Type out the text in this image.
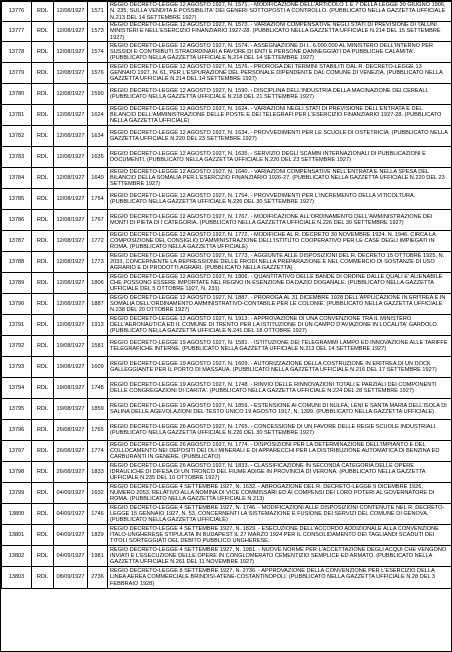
13776	RDL	12/08/1927	1571	REGIO DECRETO-LEGGE 12 AGOSTO 1927, N. 1571. - MODIFICAZIONE DELL'ARTICOLO 1 E 7 DELLA LEGGE 30 GIUGNO 1906, N. 235, SULLA VENDITA E POSSIBILITA' DEI GENERI SOTTOPOSTI A CONTROLLO. (PUBBLICATO NELLA GAZZETTA UFFICIALE N.213 DEL 14 SETTEMBRE 1927)
13777	RDL	12/08/1927	1573	REGIO DECRETO-LEGGE 12 AGOSTO 1927, N. 1573. - VARIAZIONI COMPENSATIVE NEGLI STATI DI PREVISIONE DI TALUNI MINISTERI E NELL'ESERCIZIO FINANZIARIO 1927-28. (PUBBLICATO NELLA GAZZETTA UFFICIALE N.214 DEL 15 SETTEMBRE 1927)
13778	RDL	12/08/1927	1574	REGIO DECRETO-LEGGE 12 AGOSTO 1927, N. 1574. - ASSEGNAZIONE DI L. 6.000.000 AL MINISTERO DELL'INTERNO PER SUSSIDI E CONTRIBUTI STRAORDINARI A FAVORE DI ENTI E PERSONE DANNEGGIATI DA PUBBLICHE CALAMITA'. (PUBBLICATO NELLA GAZZETTA UFFICIALE N.214 DEL 14 SETTEMBRE 1927)
13779	RDL	12/08/1927	1576	REGIO DECRETO-LEGGE 12 AGOSTO 1927, N. 1576. - PROROGA DEI TERMINI STABILITI DAL R. DECRETO-LEGGE 13 GENNAIO 1927, N. 61, PER L'ESPURAZIONE DEL PERSONALE DIPENDENTE DAL COMUNE DI VENEZIA. (PUBBLICATO NELLA GAZZETTA UFFICIALE N.214 DEL 14 SETTEMBRE 1927)
13780	RDL	12/08/1927	1590	REGIO DECRETO-LEGGE 12 AGOSTO 1927, N. 1590. - DISCIPLINA DELL'INDUSTRIA DELLA MACINAZIONE DEI CEREALI. (PUBBLICATO NELLA GAZZETTA UFFICIALE N.218 DEL 21 SETTEMBRE 1927)
13781	RDL	12/08/1927	1624	REGIO DECRETO-LEGGE 12 AGOSTO 1927, N. 1624. - VARIAZIONI NEGLI STATI DI PREVISIONE DELL'ENTRATA E DEL BILANCIO DELL'AMMINISTRAZIONE DELLE POSTE E DEI TELEGRAFI PER L'ESERCIZIO FINANZIARIO 1927-28. (PUBBLICATO NELLA GAZZETTA UFFICIALE)
13782	RDL	12/08/1927	1634	REGIO DECRETO-LEGGE 12 AGOSTO 1927, N. 1634. - PROVVEDIMENTI PER LE SCUOLE DI OSTETRICIA. (PUBBLICATO NELLA GAZZETTA UFFICIALE N.220 DEL 23 SETTEMBRE 1927)
13783	RDL	12/08/1927	1635	REGIO DECRETO-LEGGE 12 AGOSTO 1927, N. 1635. - SERVIZIO DEGLI SCAMBI INTERNAZIONALI DI PUBBLICAZIONI E DOCUMENTI. (PUBBLICATO NELLA GAZZETTA UFFICIALE N.220 DEL 23 SETTEMBRE 1927)
13784	RDL	12/08/1927	1640	REGIO DECRETO-LEGGE 12 AGOSTO 1927, N. 1640. - VARIAZIONI COMPENSATIVE NELL'ENTRATA E NELLA SPESA DEL BILANCIO DELLA SOMALIA PER L'ESERCIZIO FINANZIARIO 1926-27. (PUBBLICATO NELLA GAZZETTA UFFICIALE N.220 DEL 23 SETTEMBRE 1927)
13785	RDL	12/08/1927	1754	REGIO DECRETO-LEGGE 12 AGOSTO 1927, N. 1754. - PROVVEDIMENTI PER L'INCREMENTO DELLA VITICOLTURA. (PUBBLICATO NELLA GAZZETTA UFFICIALE N.226 DEL 30 SETTEMBRE 1927)
13786	RDL	12/08/1927	1767	REGIO DECRETO-LEGGE 12 AGOSTO 1927, N. 1767. - MODIFICAZIONE ALL'ORDINAMENTO DELL'AMMINISTRAZIONE DEI MONTI DI PIETA DI I CATEGORIA. (PUBBLICATO NELLA GAZZETTA UFFICIALE N.226 DEL 30 SETTEMBRE 1927)
13787	RDL	12/08/1927	1772	REGIO DECRETO-LEGGE 12 AGOSTO 1927, N. 1772. - MODIFICHE AL R. DECRETO 30 NOVEMBRE 1924, N. 1946, CIRCA LA COMPOSIZIONE DEL CONSIGLIO D'AMMINISTRAZIONE DELL'ISTITUTO COOPERATIVO PER LE CASE DEGLI IMPIEGATI IN ROMA. (PUBBLICATO NELLA GAZZETTA UFFICIALE)
13788	RDL	12/08/1927	1773	REGIO DECRETO-LEGGE 12 AGOSTO 1927, N. 1773. - AGGIUNTE ALLE DISPOSIZIONI DEL R. DECRETO 15 OTTOBRE 1925, N. 2033, CONCERNENTE LA REPRESSIONE DELLE FRODI NELLA PREPARAZIONE E NEL COMMERCIO DI SOSTANZE DI USO AGRARIO E DI PRODOTTI AGRARI. (PUBBLICATO NELLA GAZZETTA)
13789	RDL	12/08/1927	1806	REGIO DECRETO-LEGGE 12 AGOSTO 1927, N. 1806. - QUANTITATIVO DELLE BANDE DI ORDINE DALLE QUALI E' ALIENABILE CHE POSSONO ESSERE IMPORTATE NEL REGNO IN ESENZIONE DA DAZIO DOGANALE. (PUBBLICATO NELLA GAZZETTA UFFICIALE DEL 5 OTTOBRE 1927, N. 231)
13790	RDL	12/08/1927	1887	REGIO DECRETO-LEGGE 12 AGOSTO 1927, N. 1887. - PROROGA AL 31 DICEMBRE 1928 DELL'APPLICAZIONE IN ERITREA E IN SOMALIA DELL'ORDINAMENTO AMMINISTRATIVO-CONTABILE PER LE COLONIE. (PUBBLICATO NELLA GAZZETTA UFFICIALE N.238 DEL 20 OTTOBRE 1927)
13791	RDL	12/08/1927	1913	REGIO DECRETO-LEGGE 12 AGOSTO 1927, N. 1913. - APPROVAZIONE DI UNA CONVENZIONE TRA IL MINISTERO DELL'AERONAUTICA ED IL COMUNE DI TRENTO PER LA ISTITUZIONE DI UN CAMPO D'AVIAZIONE IN LOCALITA' GARDOLO. (PUBBLICATO NELLA GAZZETTA UFFICIALE N.241 DEL 18 OTTOBRE 1927)
13792	RDL	19/08/1927	1581	REGIO DECRETO-LEGGE 19 AGOSTO 1927, N. 1581. - ISTITUZIONE DEI TELEGRAMMI LAMPO ED INNOVAZIONE ALLE TARIFFE TELEGRAFICHE INTERNE. (PUBBLICATO NELLA GAZZETTA UFFICIALE N.213 DEL 14 SETTEMBRE 1927)
13793	RDL	19/08/1927	1609	REGIO DECRETO-LEGGE 19 AGOSTO 1927, N. 1609. - AUTORIZZAZIONE DELLA COSTRUZIONE IN ERITREA DI UN DOCK GALLEGGIANTE PER IL PORTO DI MASSAUA. (PUBBLICATO NELLA GAZZETTA UFFICIALE N.216 DEL 17 SETTEMBRE 1927)
13794	RDL	19/08/1927	1748	REGIO DECRETO-LEGGE 19 AGOSTO 1927, N. 1748. - RINVIO DELLE RINNOVAZIONI TOTALI E PARZIALI DEI COMPONENTI DELLE CONGREGAZIONI DI CARITA'. (PUBBLICATO NELLA GAZZETTA UFFICIALE N.224 DEL 28 SETTEMBRE 1927)
13795	RDL	19/08/1927	1859	REGIO DECRETO-LEGGE 19 AGOSTO 1927, N. 1859. - ESTENSIONE AI COMUNI DI NULFA, LENI E SANTA MARIA DELL'ISOLA DI SALINA DELLE AGEVOLAZIONI DEL TESTO UNICO 19 AGOSTO 1917, N. 1399. (PUBBLICATO NELLA GAZZETTA UFFICIALE)
13796	RDL	26/08/1927	1765	REGIO DECRETO-LEGGE 26 AGOSTO 1927, N. 1765. - CONCESSIONE DI UN FAVORE DELLE REGIE SCUOLE INDUSTRIALI. (PUBBLICATO NELLA GAZZETTA UFFICIALE N.226 DEL 30 SETTEMBRE 1927)
13797	RDL	26/08/1927	1774	REGIO DECRETO-LEGGE 26 AGOSTO 1927, N. 1774. - DISPOSIZIONI PER LA DETERMINAZIONE DELL'IMPIANTO E DEL COLLOCAMENTO NEI DEPOSITI DEI OLI MINERALI E DI APPARECCHI PER LA DISTRIBUZIONE AUTOMATICA DI BENZINA ED CARBURANTI IN GENERE. (PUBBLICATO)
13798	RDL	26/08/1927	1833	REGIO DECRETO-LEGGE 26 AGOSTO 1927, N. 1833. - CLASSIFICAZIONE IN SECONDA CATEGORIA DELLE OPERE IDRAULICHE DI DIFESA DI UN TRONCO DEL FIUME ADIGE IN PROVINCIA DI VERONA. (PUBBLICATO NELLA GAZZETTA UFFICIALE N.235 DEL 10 OTTOBRE 1927)
13799	RDL	04/09/1927	1632	REGIO DECRETO-LEGGE 4 SETTEMBRE 1927, N. 1632. - ABROGAZIONE DEL R. DECRETO-LEGGE 9 DICEMBRE 1926, NUMERO 2053, RELATIVO ALLA NOMINA DI VICE COMMISSARI ED AI COMPENSI DEI LORO POTERI AL GOVERNATORE DI ROMA. (PUBBLICATO NELLA GAZZETTA UFFICIALE N.213)
13800	RDL	04/09/1927	1746	REGIO DECRETO-LEGGE 4 SETTEMBRE 1927, N. 1746. - MODIFICAZIONI ALLE DISPOSIZIONI CONTENUTE NEL R. DECRETO-LEGGE 15 GENNAIO 1927, N. 53, CONCERNENTI LA SISTEMAZIONE E FUSIONE DEI SERVIZI DEL COMUNE DI GENOVA. (PUBBLICATO NELLA GAZZETTA UFFICIALE)
13801	RDL	04/09/1927	1829	REGIO DECRETO-LEGGE 4 SETTEMBRE 1927, N. 1829. - ESECUZIONE DELL'ACCORDO ADDIZIONALE ALLA CONVENZIONE ITALO-UNGHERESE STIPULATA IN BUDAPEST IL 27 MARZO 1924 PER IL CONSOLIDAMENTO DEI TAGLIANDI SCADUTI DEI TITOLI SORTEGGIATI DEL DEBITO PUBBLICO UNGHERESE.
13802	RDL	04/09/1927	1981	REGIO DECRETO-LEGGE 4 SETTEMBRE 1927, N. 1981. - NUOVE NORME PER L'ACCETTAZIONE DEGLI ACQUI CHE VENGONO INVIATI E L'ESECUZIONE DELLE OPERE IN CONGLOMERATO CEMENTIZIO SEMPLICE ED ARMATO. (PUBBLICATO NELLA GAZZETTA UFFICIALE N.261 DEL 11 NOVEMBRE 1927)
13803	RDL	08/09/1927	2736	REGIO DECRETO-LEGGE 8 SETTEMBRE 1927, N. 2736. - APPROVAZIONE DELLA CONVENZIONE PER L'ESERCIZIO DELLA LINEA AEREA COMMERCIALE BRINDISI-ATENE-COSTANTINOPOLI. (PUBBLICATO NELLA GAZZETTA UFFICIALE N.28 DEL 3 FEBBRAIO 1928)
